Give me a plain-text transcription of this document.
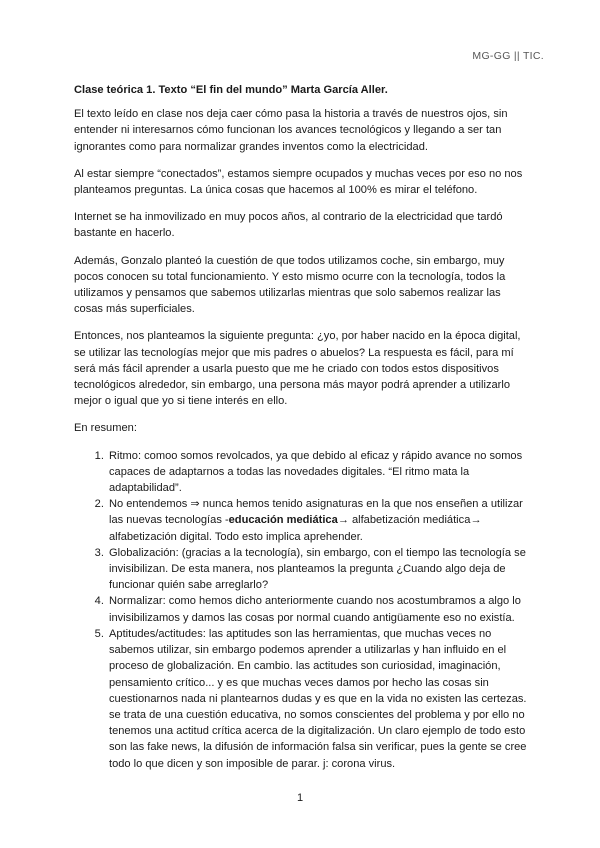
MG-GG || TIC.

Clase teórica 1. Texto “El fin del mundo” Marta García Aller.

El texto leído en clase nos deja caer cómo pasa la historia a través de nuestros ojos, sin entender ni interesarnos cómo funcionan los avances tecnológicos y llegando a ser tan ignorantes como para normalizar grandes inventos como la electricidad.

Al estar siempre “conectados”, estamos siempre ocupados y muchas veces por eso no nos planteamos preguntas. La única cosas que hacemos al 100% es mirar el teléfono.

Internet se ha inmovilizado en muy pocos años, al contrario de la electricidad que tardó bastante en hacerlo.

Además, Gonzalo planteó la cuestión de que todos utilizamos coche, sin embargo, muy pocos conocen su total funcionamiento. Y esto mismo ocurre con la tecnología, todos la utilizamos y pensamos que sabemos utilizarlas mientras que solo sabemos realizar las cosas más superficiales.

Entonces, nos planteamos la siguiente pregunta: ¿yo, por haber nacido en la época digital, se utilizar las tecnologías mejor que mis padres o abuelos? La respuesta es fácil, para mí será más fácil aprender a usarla puesto que me he criado con todos estos dispositivos tecnológicos alrededor, sin embargo, una persona más mayor podrá aprender a utilizarlo mejor o igual que yo si tiene interés en ello.

En resumen:

1. Ritmo: comoo somos revolcados, ya que debido al eficaz y rápido avance no somos capaces de adaptarnos a todas las novedades digitales. “El ritmo mata la adaptabilidad”.
2. No entendemos ⇒ nunca hemos tenido asignaturas en la que nos enseñen a utilizar las nuevas tecnologías -educación mediática→ alfabetización mediática→ alfabetización digital. Todo esto implica aprehender.
3. Globalización: (gracias a la tecnología), sin embargo, con el tiempo las tecnología se invisibilizan. De esta manera, nos planteamos la pregunta ¿Cuando algo deja de funcionar quién sabe arreglarlo?
4. Normalizar: como hemos dicho anteriormente cuando nos acostumbramos a algo lo invisibilizamos y damos las cosas por normal cuando antigüamente eso no existía.
5. Aptitudes/actitudes: las aptitudes son las herramientas, que muchas veces no sabemos utilizar, sin embargo podemos aprender a utilizarlas y han influido en el proceso de globalización. En cambio. las actitudes son curiosidad, imaginación, pensamiento crítico... y es que muchas veces damos por hecho las cosas sin cuestionarnos nada ni plantearnos dudas y es que en la vida no existen las certezas. se trata de una cuestión educativa, no somos conscientes del problema y por ello no tenemos una actitud crítica acerca de la digitalización. Un claro ejemplo de todo esto son las fake news, la difusión de información falsa sin verificar, pues la gente se cree todo lo que dicen y son imposible de parar. j: corona virus.
1
